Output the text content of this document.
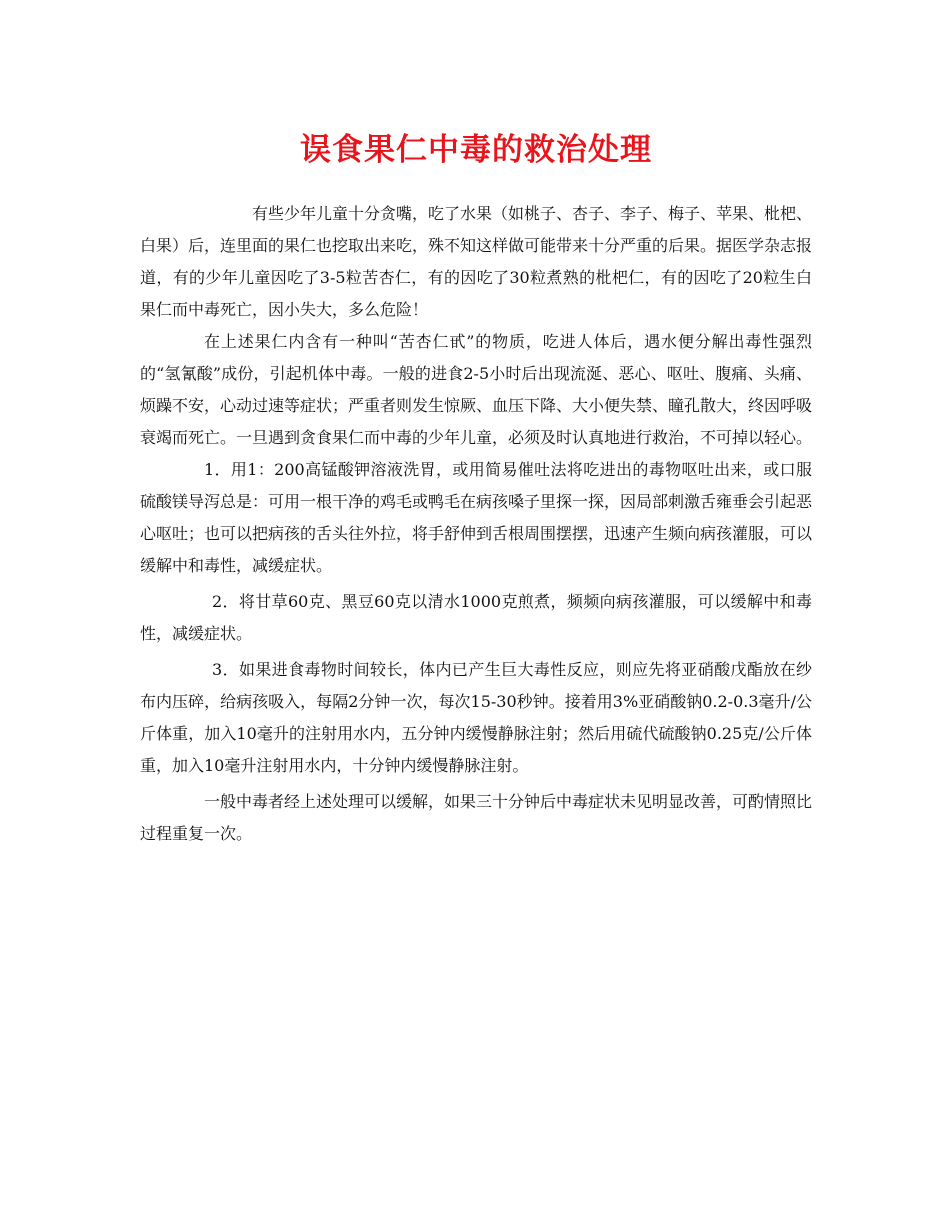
误食果仁中毒的救治处理

有些少年儿童十分贪嘴，吃了水果（如桃子、杏子、李子、梅子、苹果、枇杷、白果）后，连里面的果仁也挖取出来吃，殊不知这样做可能带来十分严重的后果。据医学杂志报道，有的少年儿童因吃了3-5粒苦杏仁，有的因吃了30粒煮熟的枇杷仁，有的因吃了20粒生白果仁而中毒死亡，因小失大，多么危险！

在上述果仁内含有一种叫“苦杏仁甙”的物质，吃进人体后，遇水便分解出毒性强烈的“氢氰酸”成份，引起机体中毒。一般的进食2-5小时后出现流涎、恶心、呕吐、腹痛、头痛、烦躁不安，心动过速等症状；严重者则发生惊厥、血压下降、大小便失禁、瞳孔散大，终因呼吸衰竭而死亡。一旦遇到贪食果仁而中毒的少年儿童，必须及时认真地进行救治，不可掉以轻心。

1．用1：200高锰酸钾溶液洗胃，或用简易催吐法将吃进出的毒物呕吐出来，或口服硫酸镁导泻总是：可用一根干净的鸡毛或鸭毛在病孩嗓子里探一探，因局部刺激舌雍垂会引起恶心呕吐；也可以把病孩的舌头往外拉，将手舒伸到舌根周围摆摆，迅速产生频向病孩灌服，可以缓解中和毒性，减缓症状。

2．将甘草60克、黑豆60克以清水1000克煎煮，频频向病孩灌服，可以缓解中和毒性，减缓症状。

3．如果进食毒物时间较长，体内已产生巨大毒性反应，则应先将亚硝酸戊酯放在纱布内压碎，给病孩吸入，每隔2分钟一次，每次15-30秒钟。接着用3%亚硝酸钠0.2-0.3毫升/公斤体重，加入10毫升的注射用水内，五分钟内缓慢静脉注射；然后用硫代硫酸钠0.25克/公斤体重，加入10毫升注射用水内，十分钟内缓慢静脉注射。

一般中毒者经上述处理可以缓解，如果三十分钟后中毒症状未见明显改善，可酌情照比过程重复一次。
